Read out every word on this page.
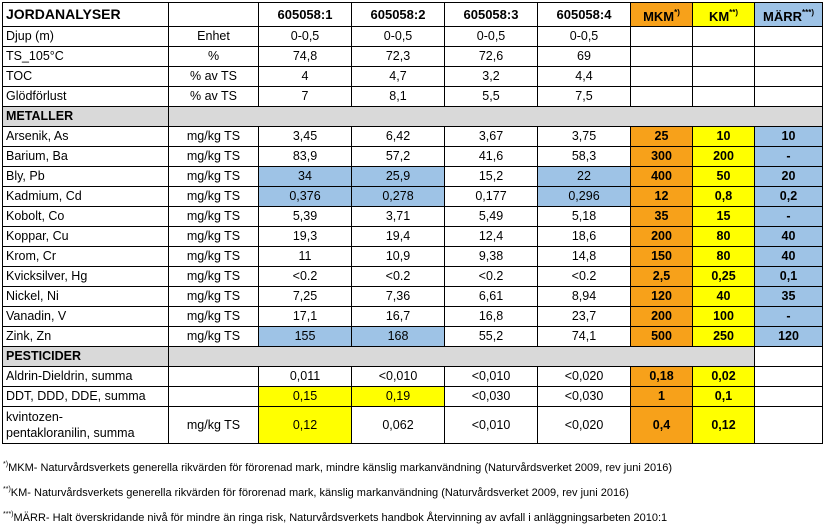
JORDANALYSER		605058:1	605058:2	605058:3	605058:4	MKM*)	KM**)	MÄRR***)
Djup (m)	Enhet	0-0,5	0-0,5	0-0,5	0-0,5			
TS_105°C	%	74,8	72,3	72,6	69			
TOC	% av TS	4	4,7	3,2	4,4			
Glödförlust	% av TS	7	8,1	5,5	7,5			
METALLER								
Arsenik, As	mg/kg TS	3,45	6,42	3,67	3,75	25	10	10
Barium, Ba	mg/kg TS	83,9	57,2	41,6	58,3	300	200	-
Bly, Pb	mg/kg TS	34	25,9	15,2	22	400	50	20
Kadmium, Cd	mg/kg TS	0,376	0,278	0,177	0,296	12	0,8	0,2
Kobolt, Co	mg/kg TS	5,39	3,71	5,49	5,18	35	15	-
Koppar, Cu	mg/kg TS	19,3	19,4	12,4	18,6	200	80	40
Krom, Cr	mg/kg TS	11	10,9	9,38	14,8	150	80	40
Kvicksilver, Hg	mg/kg TS	<0.2	<0.2	<0.2	<0.2	2,5	0,25	0,1
Nickel, Ni	mg/kg TS	7,25	7,36	6,61	8,94	120	40	35
Vanadin, V	mg/kg TS	17,1	16,7	16,8	23,7	200	100	-
Zink, Zn	mg/kg TS	155	168	55,2	74,1	500	250	120
PESTICIDER								
Aldrin-Dieldrin, summa		0,011	<0,010	<0,010	<0,020	0,18	0,02	
DDT, DDD, DDE, summa		0,15	0,19	<0,030	<0,030	1	0,1	

kvintozen-
pentakloranilin, summa	mg/kg TS	0,12	0,062	<0,010	<0,020	0,4	0,12	
*)MKM- Naturvårdsverkets generella rikvärden för förorenad mark, mindre känslig markanvändning (Naturvårdsverket 2009, rev juni 2016)
**)KM- Naturvårdsverkets generella rikvärden för förorenad mark, känslig markanvändning (Naturvårdsverket 2009, rev juni 2016)
***)MÄRR- Halt överskridande nivå för mindre än ringa risk, Naturvårdsverkets handbok Återvinning av avfall i anläggningsarbeten 2010:1
